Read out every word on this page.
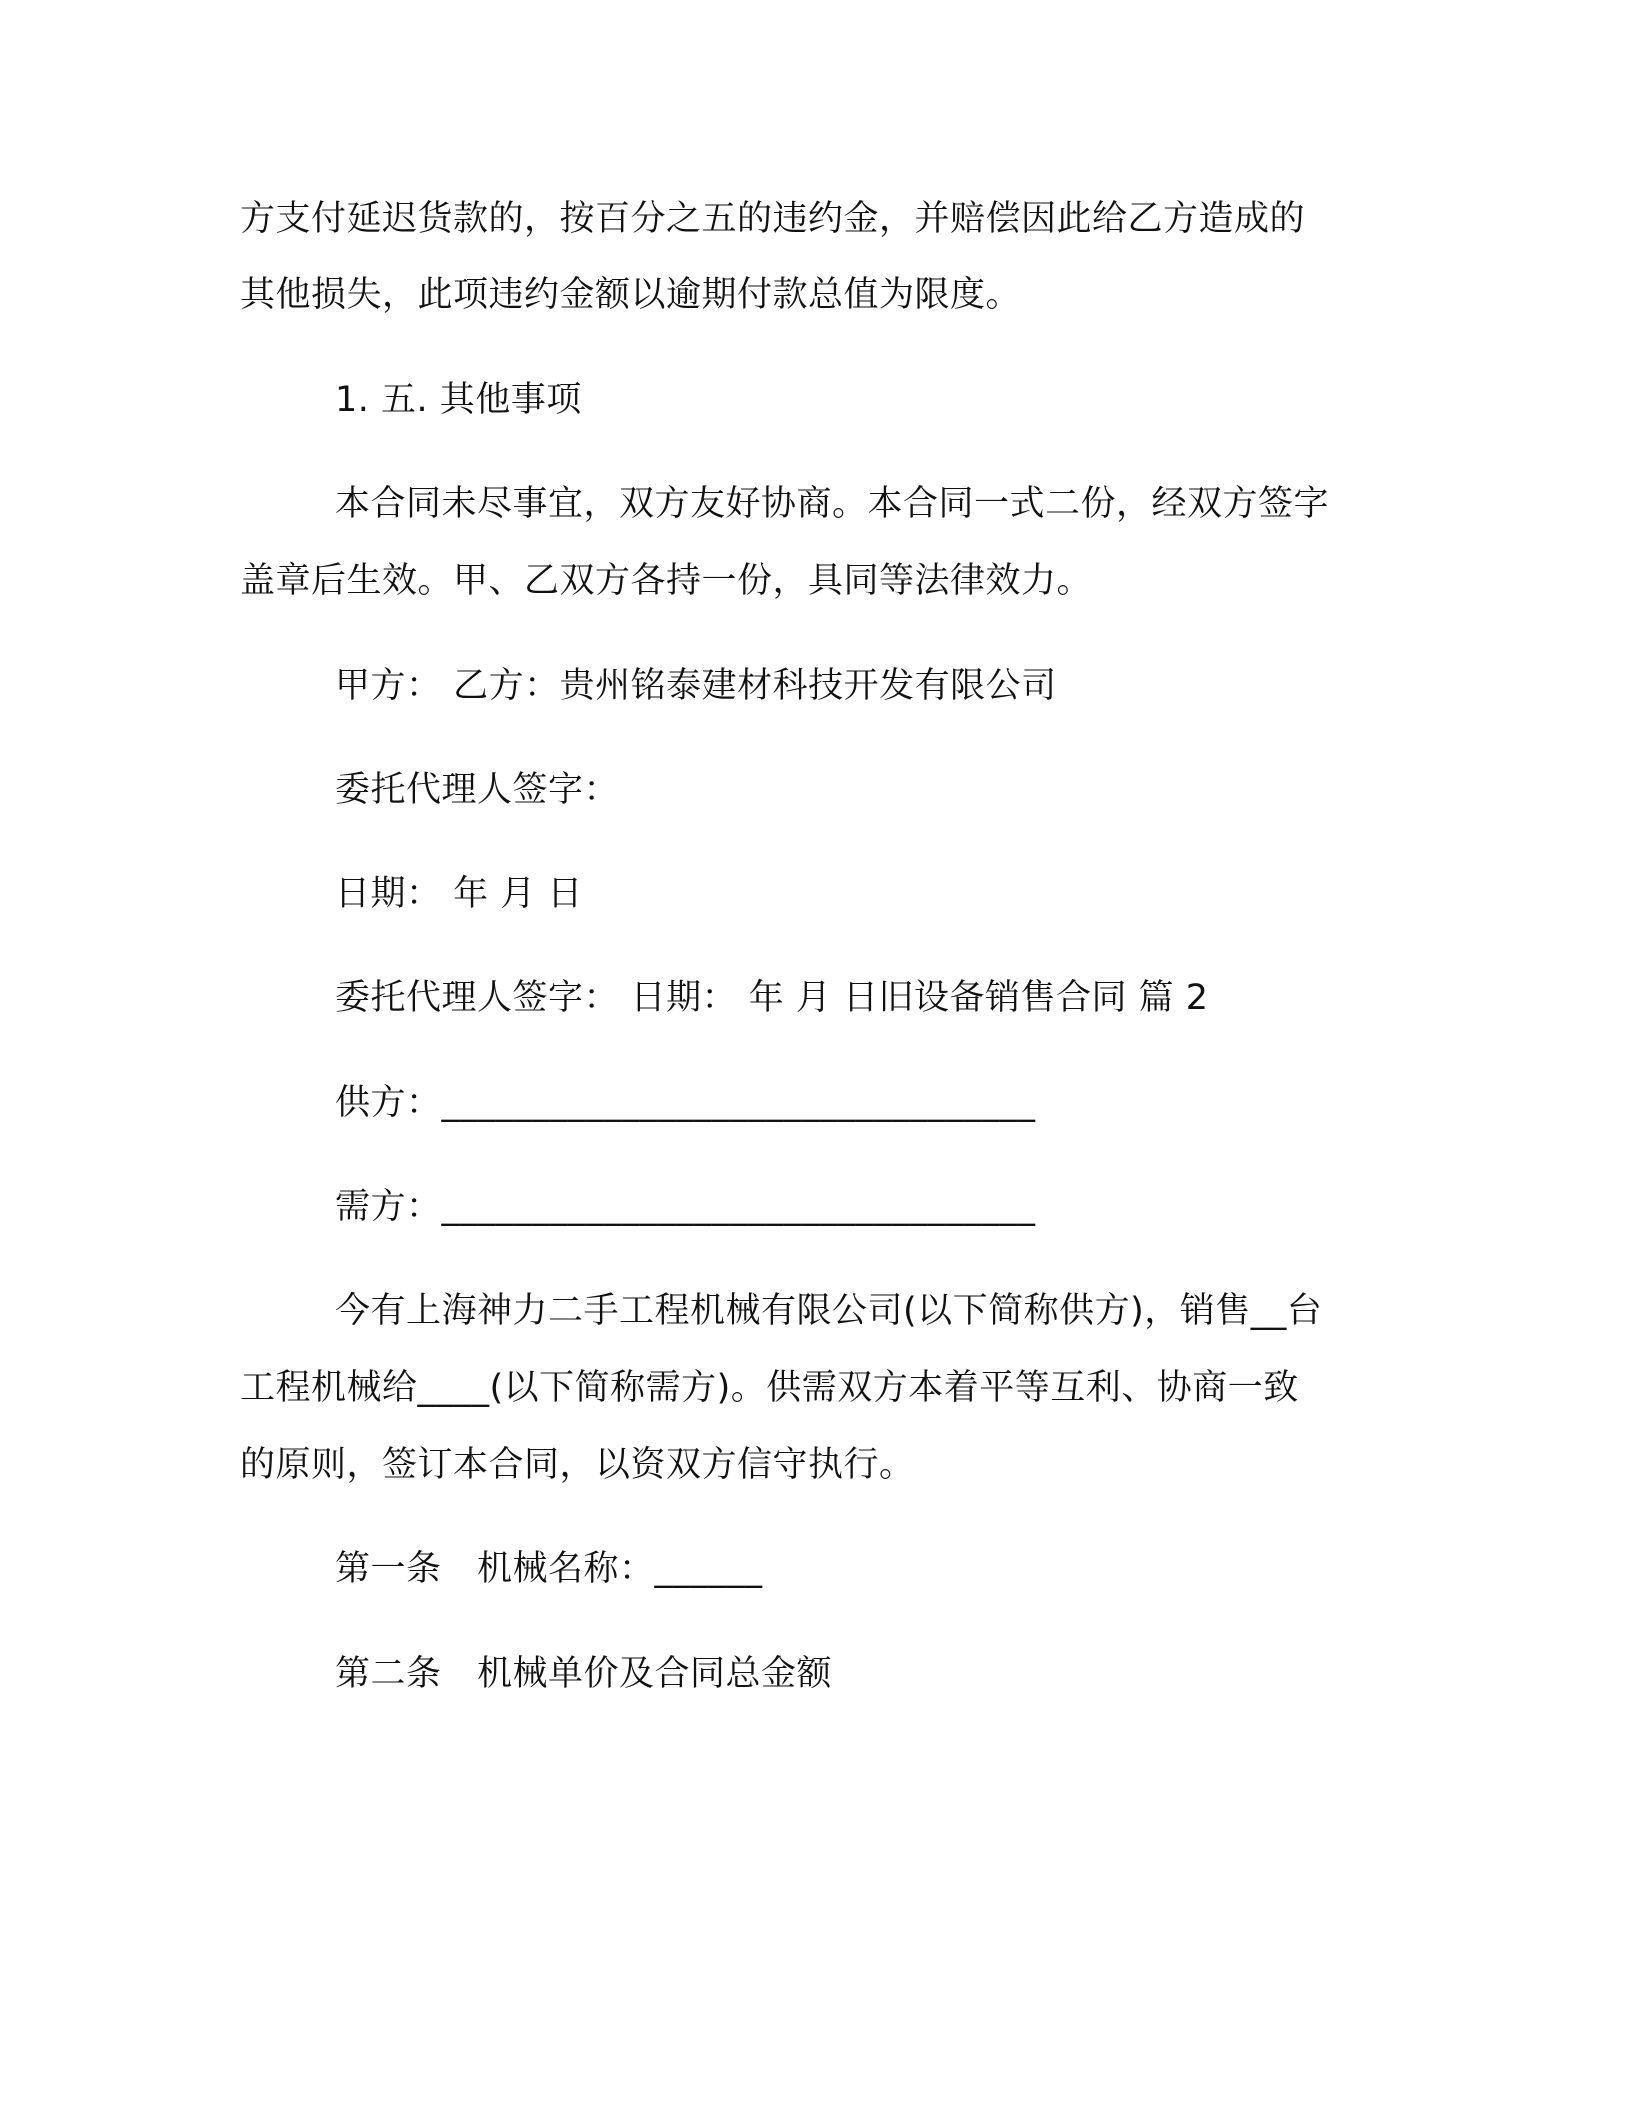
方支付延迟货款的，按百分之五的违约金，并赔偿因此给乙方造成的
其他损失，此项违约金额以逾期付款总值为限度。
1. 五. 其他事项
本合同未尽事宜，双方友好协商。本合同一式二份，经双方签字
盖章后生效。甲、乙双方各持一份，具同等法律效力。
甲方： 乙方：贵州铭泰建材科技开发有限公司
委托代理人签字：
日期： 年 月 日
委托代理人签字： 日期： 年 月 日旧设备销售合同 篇 2
供方：_________________________________
需方：_________________________________
今有上海神力二手工程机械有限公司(以下简称供方)，销售__台
工程机械给____(以下简称需方)。供需双方本着平等互利、协商一致
的原则，签订本合同，以资双方信守执行。
第一条　机械名称：______
第二条　机械单价及合同总金额
